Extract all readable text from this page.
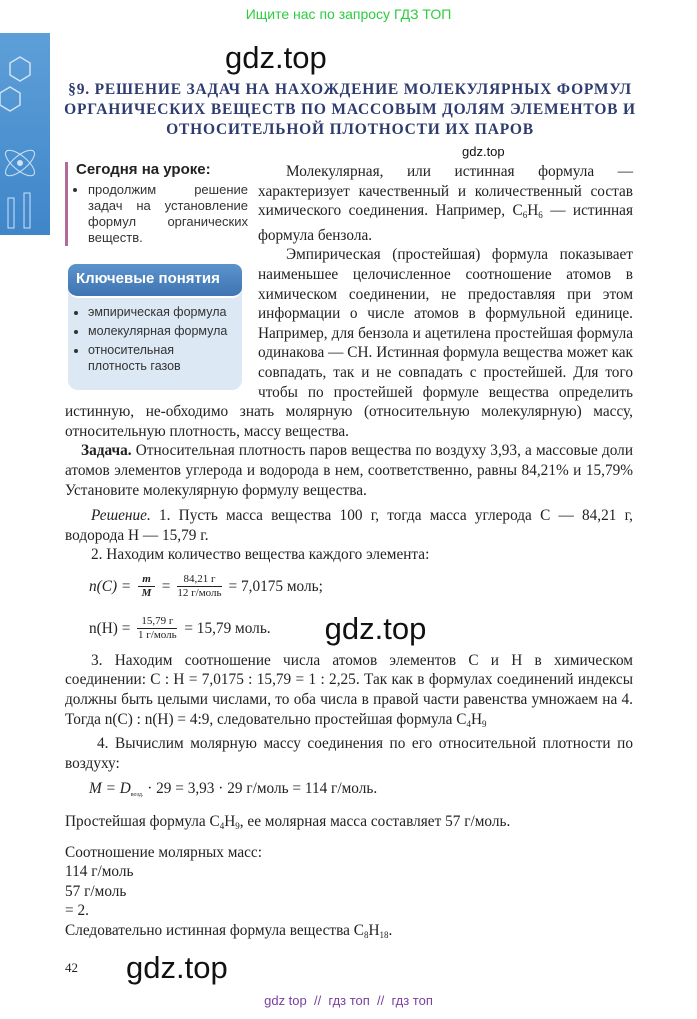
Ищите нас по запросу ГДЗ ТОП
gdz.top
§9. РЕШЕНИЕ ЗАДАЧ НА НАХОЖДЕНИЕ МОЛЕКУЛЯРНЫХ ФОРМУЛ ОРГАНИЧЕСКИХ ВЕЩЕСТВ ПО МАССОВЫМ ДОЛЯМ ЭЛЕМЕНТОВ И ОТНОСИТЕЛЬНОЙ ПЛОТНОСТИ ИХ ПАРОВ
gdz.top
Сегодня на уроке:
• продолжим решение задач на установление формул органических веществ.
Ключевые понятия
• эмпирическая формула
• молекулярная формула
• относительная плотность газов

Молекулярная, или истинная формула — характеризует качественный и количественный состав химического соединения. Например, $C_6H_6$ — истинная формула бензола.

Эмпирическая (простейшая) формула показывает наименьшее целочисленное соотношение атомов в химическом соединении, не предоставляя при этом информации о числе атомов в формульной единице. Например, для бензола и ацетилена простейшая формула одинакова — CH. Истинная формула вещества может как совпадать, так и не совпадать с простейшей. Для того чтобы по простейшей формуле вещества определить истинную, не-обходимо знать молярную (относительную молекулярную) массу, относительную плотность, массу вещества.

Задача. Относительная плотность паров вещества по воздуху 3,93, а массовые доли атомов элементов углерода и водорода в нем, соответственно, равны 84,21% и 15,79% Установите молекулярную формулу вещества.

Решение. 1. Пусть масса вещества 100 г, тогда масса углерода C — 84,21 г, водорода H — 15,79 г.

2. Находим количество вещества каждого элемента:

$n(C) = \frac{m}{M} = \frac{84,21 г}{\text{12 г/моль}} = 7,0175$ моль;
$n(H) = \frac{15,79 г}{\text{1 г/моль}} = 15,79$ моль. gdz.top

3. Находим соотношение числа атомов элементов C и H в химическом соединении: C : H = 7,0175 : 15,79 = 1 : 2,25. Так как в формулах соединений индексы должны быть целыми числами, то оба числа в правой части равенства умножаем на 4. Тогда n(C) : n(H) = 4:9, следовательно простейшая формула $C_4H_9$

4. Вычислим молярную массу соединения по его относительной плотности по воздуху:

$M = D_{возд.} \cdot 29 = 3,93 \cdot 29$ г/моль = 114 г/моль.

Простейшая формула $C_4H_9$, ее молярная масса составляет 57 г/моль.

Соотношение молярных масс:

114 г/моль
57 г/моль
= 2.

Следовательно истинная формула вещества $C_8H_{18}$.

42 gdz.top
gdz top  //  гдз топ  //  гдз топ
